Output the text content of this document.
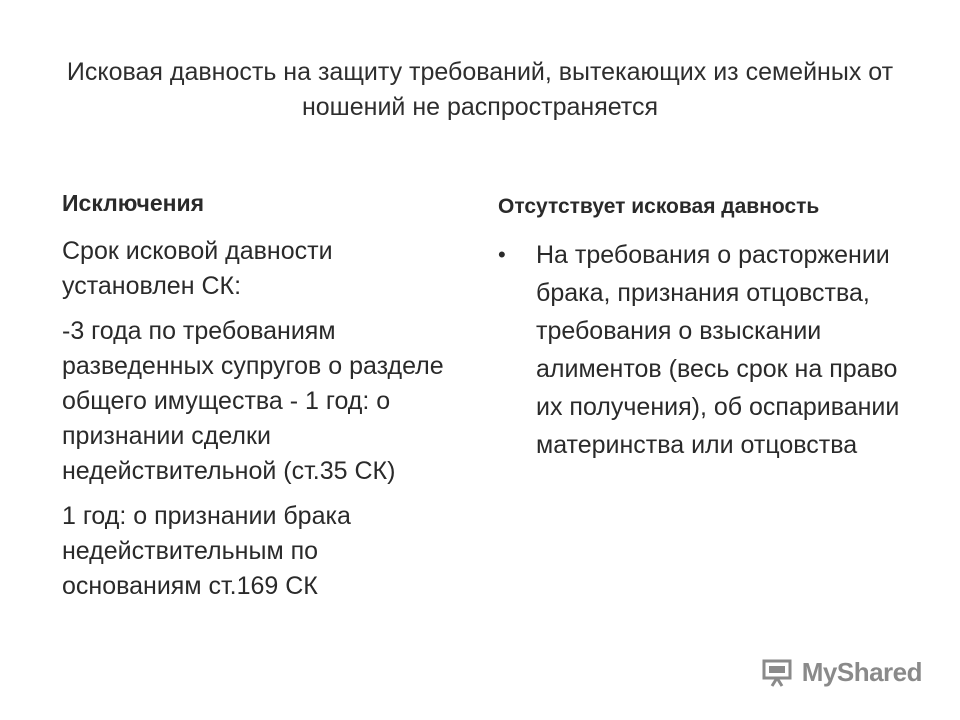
Исковая давность на защиту требований, вытекающих из семейных от ношений не распространяется
Исключения
Срок исковой давности установлен СК:
-3 года по требованиям разведенных супругов о разделе общего имущества - 1 год: о признании сделки недействительной (ст.35 СК)
1 год: о признании брака недействительным по основаниям ст.169 СК
Отсутствует исковая давность
•	На требования о расторжении брака, признания отцовства, требования о взыскании алиментов (весь срок на право их получения), об оспаривании материнства или отцовства
MyShared
